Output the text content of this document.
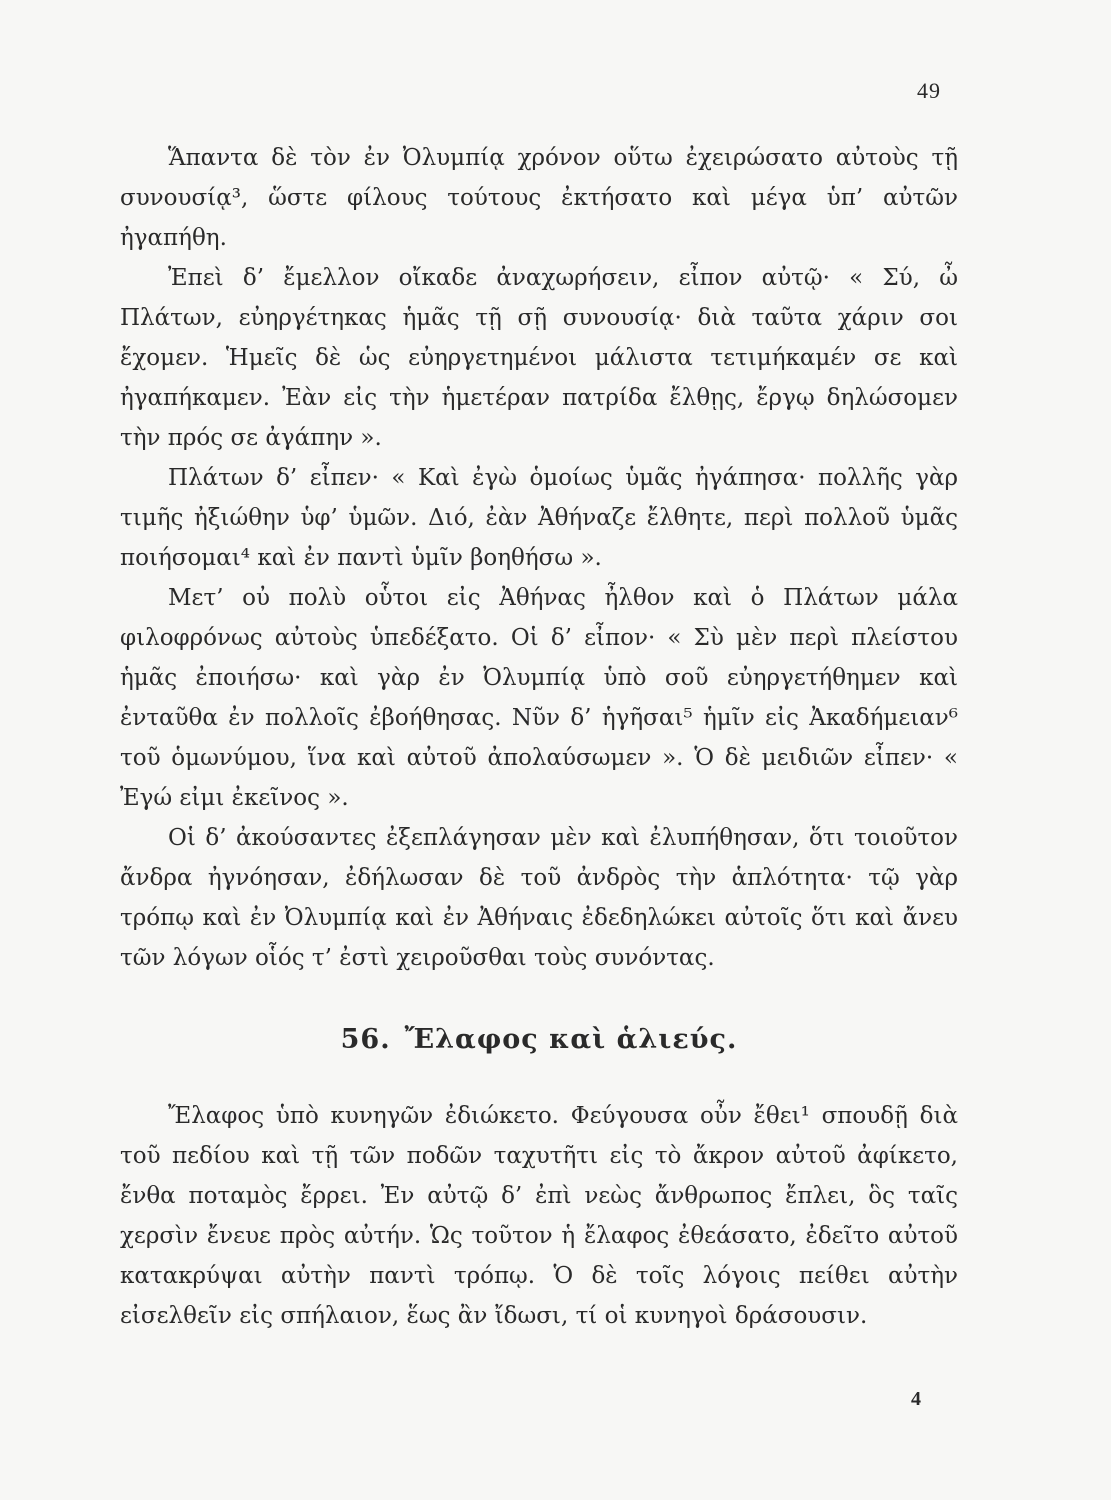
49

Ἅπαντα δὲ τὸν ἐν Ὀλυμπίᾳ χρόνον οὕτω ἐχειρώσατο αὐτοὺς τῇ συνουσίᾳ³, ὥστε φίλους τούτους ἐκτήσατο καὶ μέγα ὑπ’ αὐτῶν ἠγαπήθη.

Ἐπεὶ δ’ ἔμελλον οἴκαδε ἀναχωρήσειν, εἶπον αὐτῷ· « Σύ, ὦ Πλάτων, εὐηργέτηκας ἡμᾶς τῇ σῇ συνουσίᾳ· διὰ ταῦτα χάριν σοι ἔχομεν. Ἡμεῖς δὲ ὡς εὐηργετημένοι μάλιστα τετιμήκαμέν σε καὶ ἠγαπήκαμεν. Ἐὰν εἰς τὴν ἡμετέραν πατρίδα ἔλθῃς, ἔργῳ δηλώσομεν τὴν πρός σε ἀγάπην ».

Πλάτων δ’ εἶπεν· « Καὶ ἐγὼ ὁμοίως ὑμᾶς ἠγάπησα· πολλῆς γὰρ τιμῆς ἠξιώθην ὑφ’ ὑμῶν. Διό, ἐὰν Ἀθήναζε ἔλθητε, περὶ πολλοῦ ὑμᾶς ποιήσομαι⁴ καὶ ἐν παντὶ ὑμῖν βοηθήσω ».

Μετ’ οὐ πολὺ οὗτοι εἰς Ἀθήνας ἦλθον καὶ ὁ Πλάτων μάλα φιλοφρόνως αὐτοὺς ὑπεδέξατο. Οἱ δ’ εἶπον· « Σὺ μὲν περὶ πλείστου ἡμᾶς ἐποιήσω· καὶ γὰρ ἐν Ὀλυμπίᾳ ὑπὸ σοῦ εὐηργετήθημεν καὶ ἐνταῦθα ἐν πολλοῖς ἐβοήθησας. Νῦν δ’ ἡγῆσαι⁵ ἡμῖν εἰς Ἀκαδήμειαν⁶ τοῦ ὁμωνύμου, ἵνα καὶ αὐτοῦ ἀπολαύσωμεν ». Ὁ δὲ μειδιῶν εἶπεν· « Ἐγώ εἰμι ἐκεῖνος ».

Οἱ δ’ ἀκούσαντες ἐξεπλάγησαν μὲν καὶ ἐλυπήθησαν, ὅτι τοιοῦτον ἄνδρα ἠγνόησαν, ἐδήλωσαν δὲ τοῦ ἀνδρὸς τὴν ἁπλότητα· τῷ γὰρ τρόπῳ καὶ ἐν Ὀλυμπίᾳ καὶ ἐν Ἀθήναις ἐδεδηλώκει αὐτοῖς ὅτι καὶ ἄνευ τῶν λόγων οἷός τ’ ἐστὶ χειροῦσθαι τοὺς συνόντας.

56. Ἔλαφος καὶ ἁλιεύς.

Ἔλαφος ὑπὸ κυνηγῶν ἐδιώκετο. Φεύγουσα οὖν ἔθει¹ σπουδῇ διὰ τοῦ πεδίου καὶ τῇ τῶν ποδῶν ταχυτῆτι εἰς τὸ ἄκρον αὐτοῦ ἀφίκετο, ἔνθα ποταμὸς ἔρρει. Ἐν αὐτῷ δ’ ἐπὶ νεὼς ἄνθρωπος ἔπλει, ὃς ταῖς χερσὶν ἔνευε πρὸς αὐτήν. Ὡς τοῦτον ἡ ἔλαφος ἐθεάσατο, ἐδεῖτο αὐτοῦ κατακρύψαι αὐτὴν παντὶ τρόπῳ. Ὁ δὲ τοῖς λόγοις πείθει αὐτὴν εἰσελθεῖν εἰς σπήλαιον, ἕως ἂν ἴδωσι, τί οἱ κυνηγοὶ δράσουσιν.

4
